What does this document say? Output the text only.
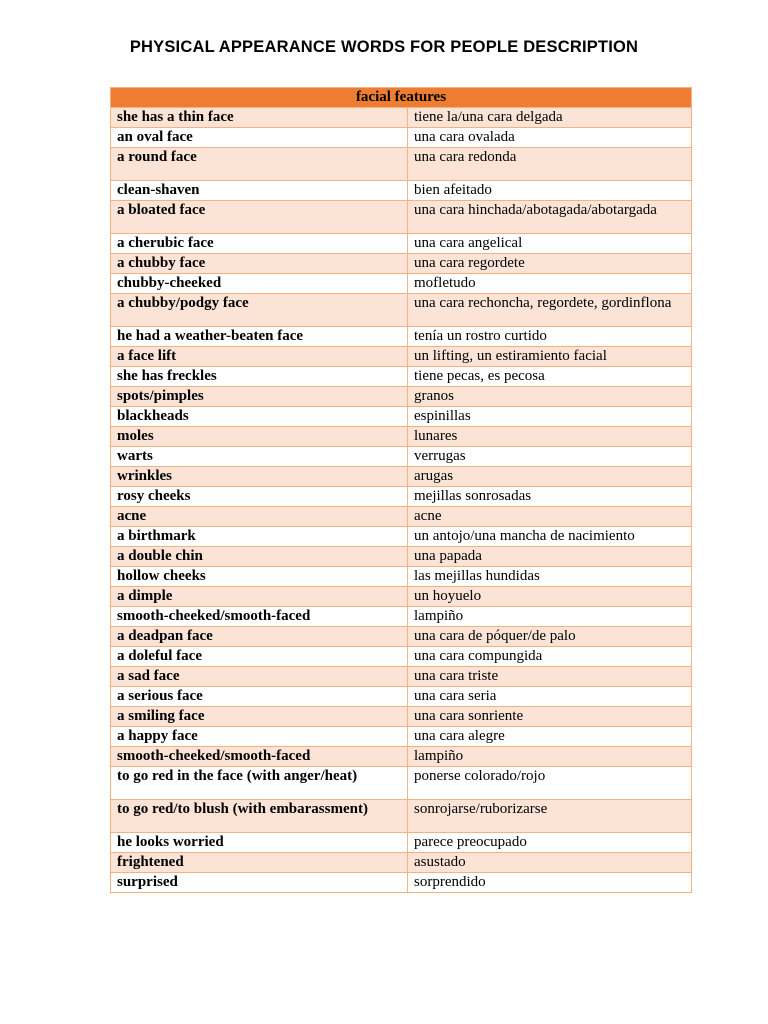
PHYSICAL APPEARANCE WORDS FOR PEOPLE DESCRIPTION
facial features	
she has a thin face	tiene la/una cara delgada
an oval face	una cara ovalada
a round face	una cara redonda
clean-shaven	bien afeitado
a bloated face	una cara hinchada/abotagada/abotargada
a cherubic face	una cara angelical
a chubby face	una cara regordete
chubby-cheeked	mofletudo
a chubby/podgy face	una cara rechoncha, regordete, gordinflona
he had a weather-beaten face	tenía un rostro curtido
a face lift	un lifting, un estiramiento facial
she has freckles	tiene pecas, es pecosa
spots/pimples	granos
blackheads	espinillas
moles	lunares
warts	verrugas
wrinkles	arugas
rosy cheeks	mejillas sonrosadas
acne	acne
a birthmark	un antojo/una mancha de nacimiento
a double chin	una papada
hollow cheeks	las mejillas hundidas
a dimple	un hoyuelo
smooth-cheeked/smooth-faced	lampiño
a deadpan face	una cara de póquer/de palo
a doleful face	una cara compungida
a sad face	una cara triste
a serious face	una cara seria
a smiling face	una cara sonriente
a happy face	una cara alegre
smooth-cheeked/smooth-faced	lampiño
to go red in the face (with anger/heat)	ponerse colorado/rojo
to go red/to blush (with embarassment)	sonrojarse/ruborizarse
he looks worried	parece preocupado
frightened	asustado
surprised	sorprendido
